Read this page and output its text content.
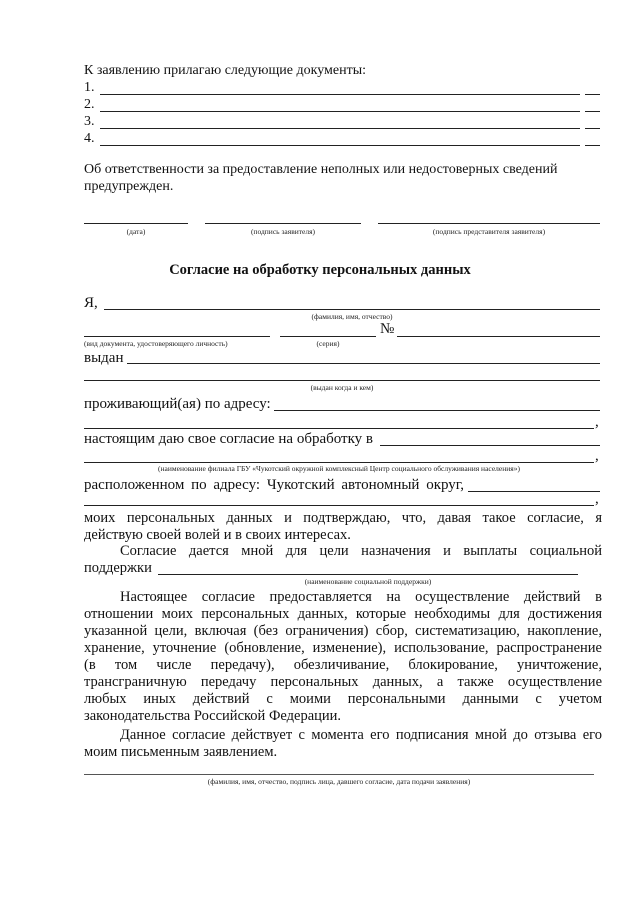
К заявлению прилагаю следующие документы:
1.
2.
3.
4.
Об ответственности за предоставление неполных или недостоверных сведений
предупрежден.
(дата)	(подпись заявителя)	(подпись представителя заявителя)
Согласие на обработку персональных данных
Я,
(фамилия, имя, отчество)
№
(вид документа, удостоверяющего личность)	(серия)
выдан
(выдан когда и кем)
проживающий(ая) по адресу:
,
настоящим даю свое согласие на обработку в
,
(наименование филиала ГБУ «Чукотский окружной комплексный Центр социального обслуживания населения»)
расположенном по адресу: Чукотский автономный округ,
,
моих персональных данных и подтверждаю, что, давая такое согласие, я
действую своей волей и в своих интересах.
Согласие дается мной для цели назначения и выплаты социальной
поддержки
(наименование социальной поддержки)
Настоящее согласие предоставляется на осуществление действий в
отношении моих персональных данных, которые необходимы для достижения
указанной цели, включая (без ограничения) сбор, систематизацию, накопление,
хранение, уточнение (обновление, изменение), использование, распространение
(в том числе передачу), обезличивание, блокирование, уничтожение,
трансграничную передачу персональных данных, а также осуществление
любых иных действий с моими персональными данными с учетом
законодательства Российской Федерации.
Данное согласие действует с момента его подписания мной до отзыва его
моим письменным заявлением.
(фамилия, имя, отчество, подпись лица, давшего согласие, дата подачи заявления)
